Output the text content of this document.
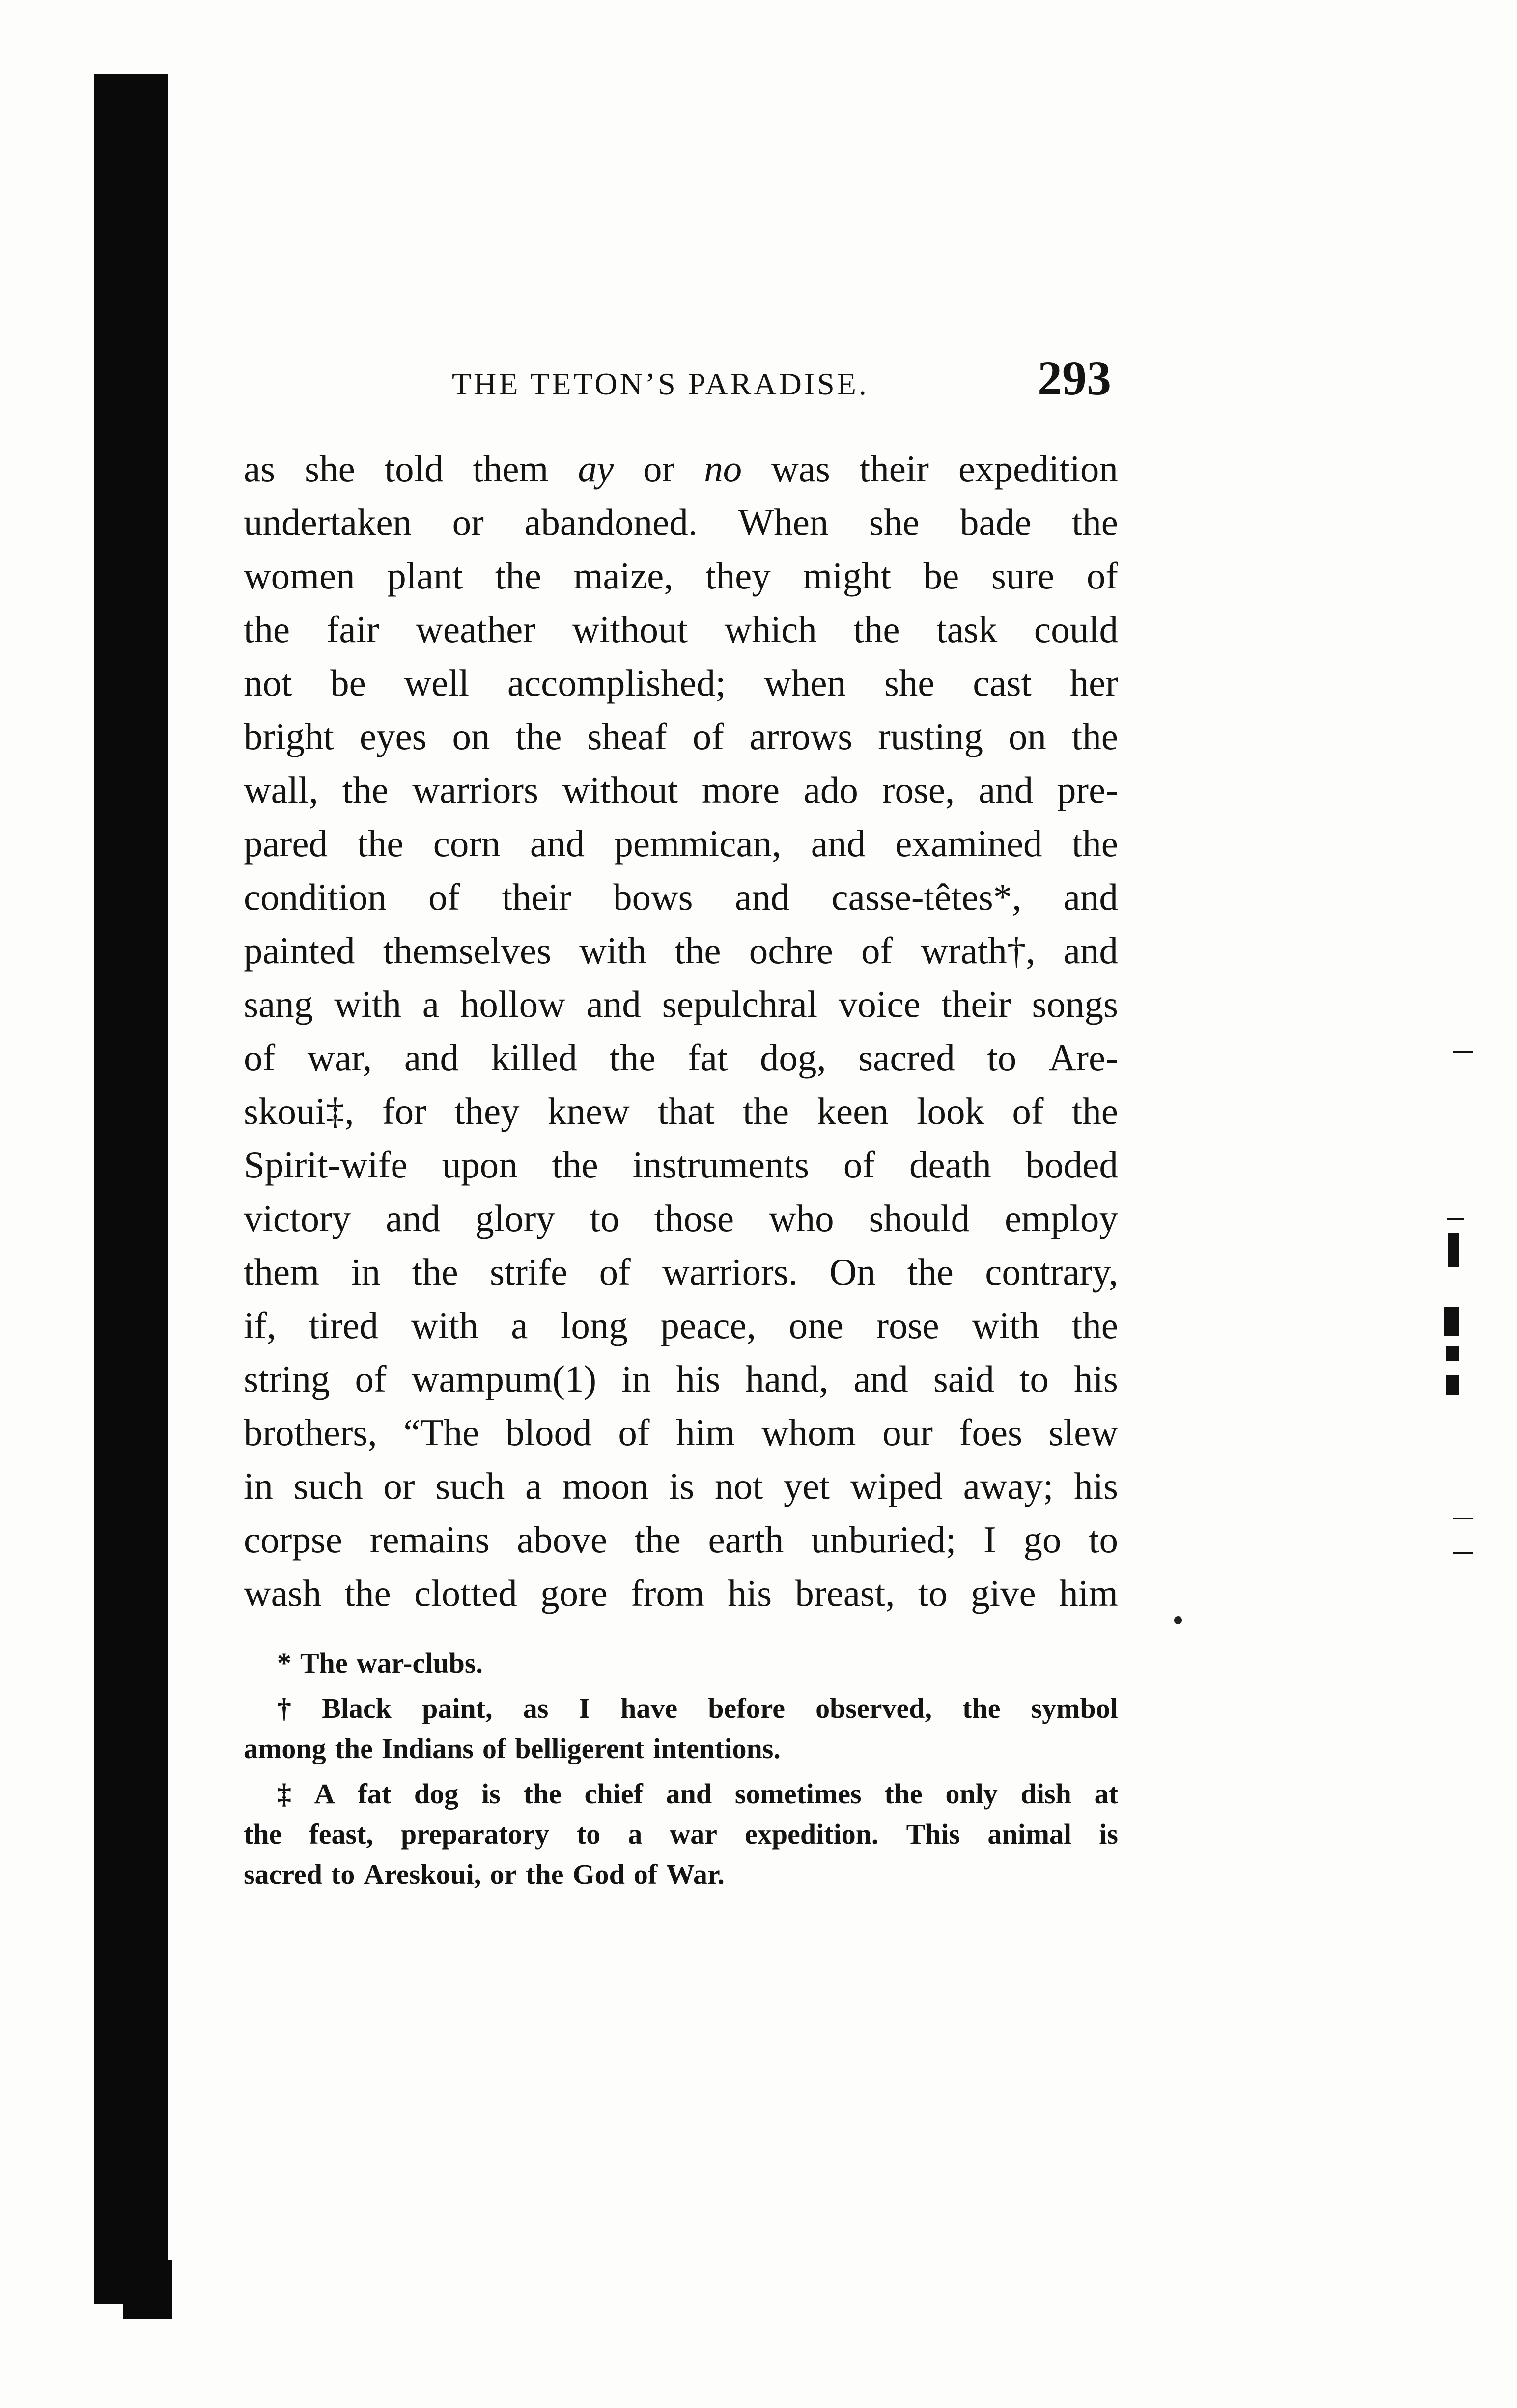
THE TETON’S PARADISE.	293
as she told them ay or no was their expedition
undertaken or abandoned. When she bade the
women plant the maize, they might be sure of
the fair weather without which the task could
not be well accomplished; when she cast her
bright eyes on the sheaf of arrows rusting on the
wall, the warriors without more ado rose, and pre-
pared the corn and pemmican, and examined the
condition of their bows and casse-têtes*, and
painted themselves with the ochre of wrath†, and
sang with a hollow and sepulchral voice their songs
of war, and killed the fat dog, sacred to Are-
skoui‡, for they knew that the keen look of the
Spirit-wife upon the instruments of death boded
victory and glory to those who should employ
them in the strife of warriors. On the contrary,
if, tired with a long peace, one rose with the
string of wampum(1) in his hand, and said to his
brothers, “The blood of him whom our foes slew
in such or such a moon is not yet wiped away; his
corpse remains above the earth unburied; I go to
wash the clotted gore from his breast, to give him
* The war-clubs.
† Black paint, as I have before observed, the symbol
among the Indians of belligerent intentions.
‡ A fat dog is the chief and sometimes the only dish at
the feast, preparatory to a war expedition. This animal is
sacred to Areskoui, or the God of War.
